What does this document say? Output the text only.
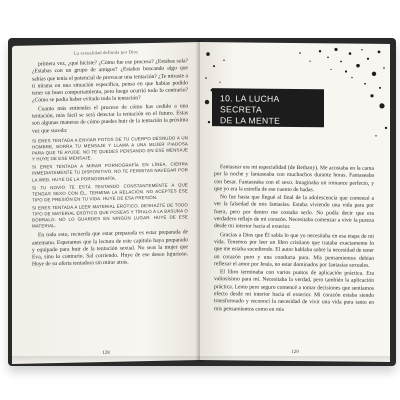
La sexualidad definida por Dios

primera vez, ¿qué hiciste? ¿Cómo fue ese proceso? ¿Estabas sola? ¿Estabas con un grupo de amigos? ¿Estabas buscando algo que sabías que tenía el potencial de provocar una tentación? ¿Te miraste a ti misma en una situación específica, pensa en que habías podido tener un buen comportamiento, pero luego ocurrió todo lo contrario? ¿Cómo se podía haber evitado toda la tentación?

Cuanto más entiendas el proceso de cómo has cedido a una tentación, más fácil se será detectar la tentación en el futuro. Estas son algunas maneras de cómo puedes huir de la tentación la próxima vez que suceda:

SI ERES TENTADA A ENVIAR FOTOS DE TU CUERPO DESNUDO A UN HOMBRE, BORRA TU MENSAJE Y LLAMA A UNA MUJER PIADOSA PARA QUE TE AYUDE. NO TE QUEDES PENSANDO EN ESE MENSAJE Y HUYE DE ESE MENSAJE.

SI ERES TENTADA A MIRAR PORNOGRAFÍA EN LÍNEA, CIERRA INMEDIATAMENTE TU DISPOSITIVO. NO TE PERMITAS NAVEGAR POR LA WEB. HUYE DE LA PORNOGRAFÍA.

SI TU NOVIO TE ESTÁ TENTANDO CONSTANTEMENTE A QUE TENGAS SEXO CON ÉL, TERMINA LA RELACIÓN. NO ACEPTES ESE TIPO DE PRESIÓN EN TU VIDA. HUYE DE ESA PRESIÓN.

SI ERES TENTADA A LEER MATERIAL ERÓTICO, DESHAZTE DE TODO TIPO DE MATERIAL ERÓTICO QUE POSEAS Y TÍRALO A LA BASURA O BÓRRALO. NO LO GUARDES EN NINGÚN LUGAR. HUYE DE ESE MATERIAL.

En todo esto, recuerda que estar preparada es estar preparada de antemano. Esperamos que la lectura de este capítulo haya preparado y equipado para huir de la tentación sexual. No seas la mujer que Eva, sino lo contrario. Sal corriendo. Huye de ese deseo lujurioso. Huye de su oferta tentadora sin mirar atrás.

128
10. LA LUCHA SECRETA
DE LA MENTE

Fantasear era mi especialidad (de Bethany). Me acostaba en la cama por la noche y fantaseaba con muchachos durante horas. Fantaseaba con besar. Fantaseaba con el sexo. Imaginaba un romance perfecto, y que yo era la estrella de ese cuento de hadas.

No fue hasta que llegué al final de la adolescencia que comencé a ver la falsedad de mis fantasías. Estaba viviendo una vida para por fuera, pero por dentro me costaba serlo. No podía decir que era verdadero reflejo de mi corazón. Necesitaba comenzar a vivir la pureza desde mi interior hacia el exterior.

Gracias a Dios que Él sabía lo que yo necesitaba en esa etapa de mi vida. Tenemos por leer un libro cristiano que trataba exactamente lo que me estaba sucediendo. El autor hablaba sobre la necesidad de tener un corazón puro y una conducta pura. Mis pensamientos debían reflexar el amor por Jesús, no estar dominados por fantasías sexuales.

El libro terminaba con varios puntos de aplicación práctica. Era valiosísimo para mí. Necesitaba la verdad, pero también la aplicación práctica. Lento pero seguro comencé a tomar decisiones que sentíamos efecto desde mi interior hacia el exterior. Mi corazón estaba siendo transformado y reconocí la necesidad de vivir una vida pura tanto en mis pensamientos como en mis

129
